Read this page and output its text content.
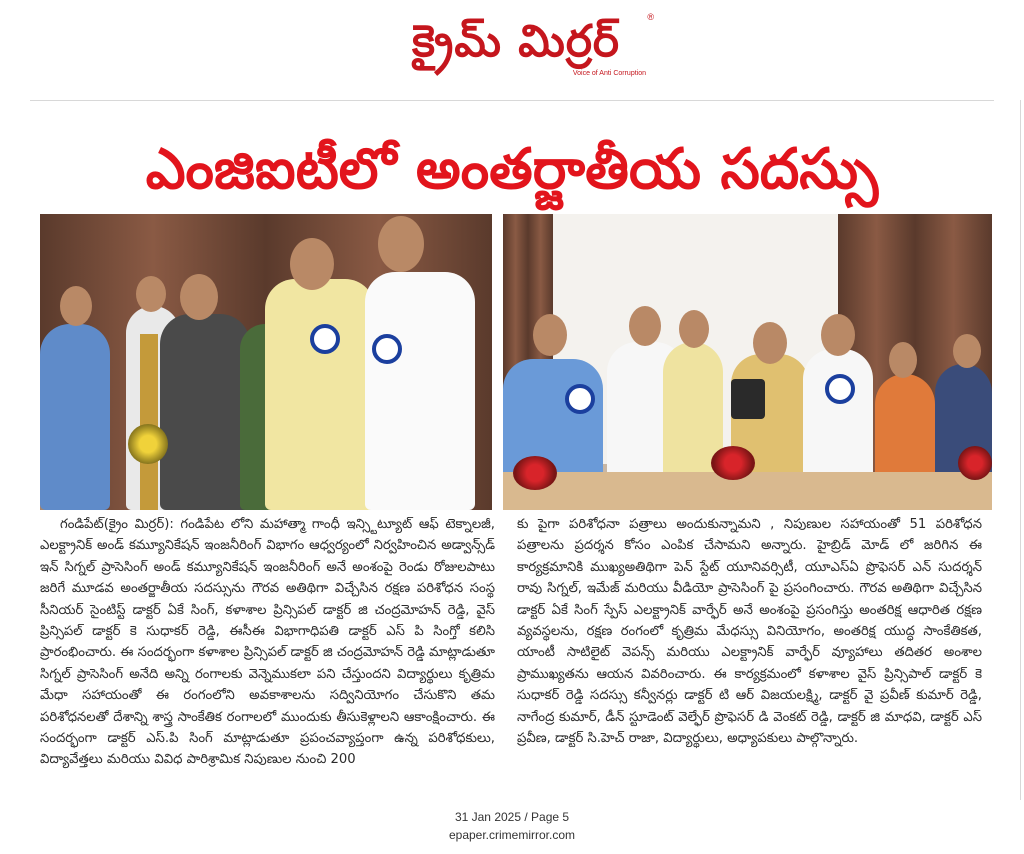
క్రైమ్ మిర్రర్	®
Voice of Anti Corruption
ఎంజిఐటీలో అంతర్జాతీయ సదస్సు
గండిపేట్(క్రైం మిర్రర్): గండిపేట లోని మహాత్మా గాంధీ ఇన్స్టిట్యూట్ ఆఫ్ టెక్నాలజీ, ఎలక్ట్రానిక్ అండ్ కమ్యూనికేషన్ ఇంజనీరింగ్ విభాగం ఆధ్వర్యంలో నిర్వహించిన అడ్వాన్స్‌డ్ ఇన్ సిగ్నల్ ప్రాసెసింగ్ అండ్ కమ్యూనికేషన్ ఇంజనీరింగ్ అనే అంశంపై రెండు రోజులపాటు జరిగే మూడవ అంతర్జాతీయ సదస్సును గౌరవ అతిథిగా విచ్చేసిన రక్షణ పరిశోధన సంస్థ సీనియర్ సైంటిస్ట్ డాక్టర్ ఏకే సింగ్, కళాశాల ప్రిన్సిపల్ డాక్టర్ జి చంద్రమోహన్ రెడ్డి, వైస్ ప్రిన్సిపల్ డాక్టర్ కె సుధాకర్ రెడ్డి, ఈసీఈ విభాగాధిపతి డాక్టర్ ఎస్ పి సింగ్తో కలిసి ప్రారంభించారు. ఈ సందర్భంగా కళాశాల ప్రిన్సిపల్ డాక్టర్ జి చంద్రమోహన్ రెడ్డి మాట్లాడుతూ సిగ్నల్ ప్రాసెసింగ్ అనేది అన్ని రంగాలకు వెన్నెముకలా పని చేస్తుందని విద్యార్థులు కృత్రిమ మేధా సహాయంతో ఈ రంగంలోని అవకాశాలను సద్వినియోగం చేసుకొని తమ పరిశోధనలతో దేశాన్ని శాస్త్ర సాంకేతిక రంగాలలో ముందుకు తీసుకెళ్లాలని ఆకాంక్షించారు. ఈ సందర్భంగా డాక్టర్ ఎస్.పి సింగ్ మాట్లాడుతూ ప్రపంచవ్యాప్తంగా ఉన్న పరిశోధకులు, విద్యావేత్తలు మరియు వివిధ పారిశ్రామిక నిపుణుల నుంచి 200
కు పైగా పరిశోధనా పత్రాలు అందుకున్నామని , నిపుణుల సహాయంతో 51 పరిశోధన పత్రాలను ప్రదర్శన కోసం ఎంపిక చేసామని అన్నారు. హైబ్రిడ్ మోడ్ లో జరిగిన ఈ కార్యక్రమానికి ముఖ్యఅతిథిగా పెన్ స్టేట్ యూనివర్సిటీ, యూఎస్ఏ ప్రొఫెసర్ ఎన్ సుదర్శన్ రావు సిగ్నల్, ఇమేజ్ మరియు వీడియో ప్రాసెసింగ్ పై ప్రసంగించారు. గౌరవ అతిథిగా విచ్చేసిన డాక్టర్ ఏకే సింగ్ స్పేస్ ఎలక్ట్రానిక్ వార్ఫేర్ అనే అంశంపై ప్రసంగిస్తు అంతరిక్ష ఆధారిత రక్షణ వ్యవస్థలను, రక్షణ రంగంలో కృత్రిమ మేధస్సు వినియోగం, అంతరిక్ష యుద్ధ సాంకేతికత, యాంటీ సాటిలైట్ వెపన్స్ మరియు ఎలక్ట్రానిక్ వార్ఫేర్ వ్యూహాలు తదితర అంశాల ప్రాముఖ్యతను ఆయన వివరించారు. ఈ కార్యక్రమంలో కళాశాల వైస్ ప్రిన్సిపాల్ డాక్టర్ కె సుధాకర్ రెడ్డి సదస్సు కన్వీనర్లు డాక్టర్ టి ఆర్ విజయలక్ష్మి, డాక్టర్ వై ప్రవీణ్ కుమార్ రెడ్డి, నాగేంద్ర కుమార్, డీన్ స్టూడెంట్ వెల్ఫేర్ ప్రొఫెసర్ డి వెంకట్ రెడ్డి, డాక్టర్ జి మాధవి, డాక్టర్ ఎస్ ప్రవీణ, డాక్టర్ సి.హెచ్ రాజా, విద్యార్థులు, అధ్యాపకులు పాల్గొన్నారు.
31 Jan 2025 / Page 5
epaper.crimemirror.com
